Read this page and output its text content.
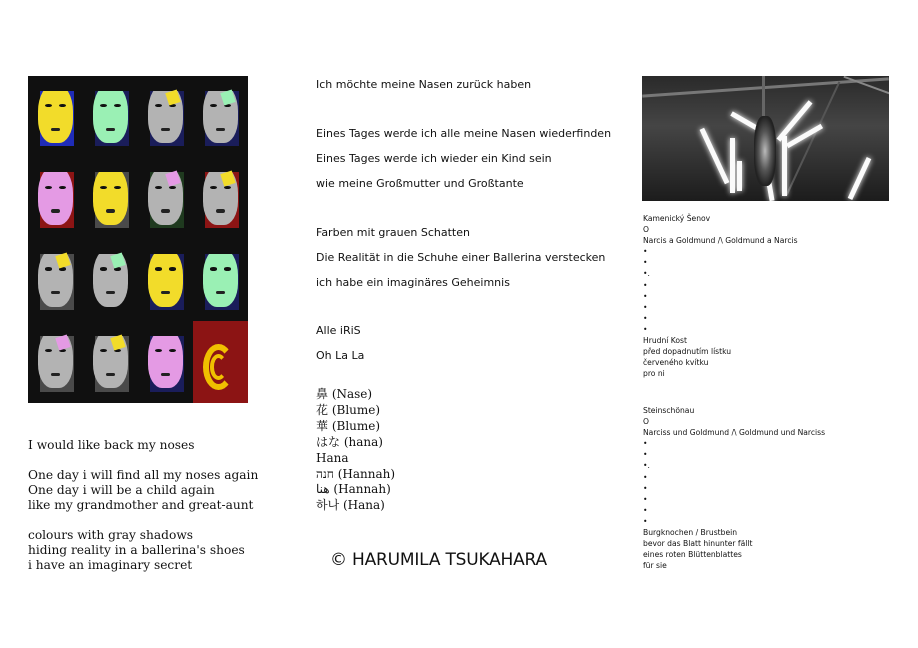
I would like back my noses

One day i will find all my noses again
One day i will be a child again
like my grandmother and great-aunt

colours with gray shadows
hiding reality in a ballerina's shoes
i have an imaginary secret

Ich möchte meine Nasen zurück haben
Eines Tages werde ich alle meine Nasen wiederfinden
Eines Tages werde ich wieder ein Kind sein
wie meine Großmutter und Großtante
Farben mit grauen Schatten
Die Realität in die Schuhe einer Ballerina verstecken
ich habe ein imaginäres Geheimnis
Alle iRiS
Oh La La
鼻 (Nase)
花 (Blume)
華 (Blume)
はな (hana)
Hana
חנה (Hannah)
هنا (Hannah)
하나 (Hana)
© HARUMILA TSUKAHARA
Kamenický Šenov
O
Narcis a Goldmund /\ Goldmund a Narcis
•
•
•.
•
•
•
•
•
Hrudní Kost
před dopadnutím lístku
červeného kvítku
pro ni
Steinschönau
O
Narciss und Goldmund /\ Goldmund und Narciss
•
•
•.
•
•
•
•
•
Burgknochen / Brustbein
bevor das Blatt hinunter fällt
eines roten Blüttenblattes
für sie
